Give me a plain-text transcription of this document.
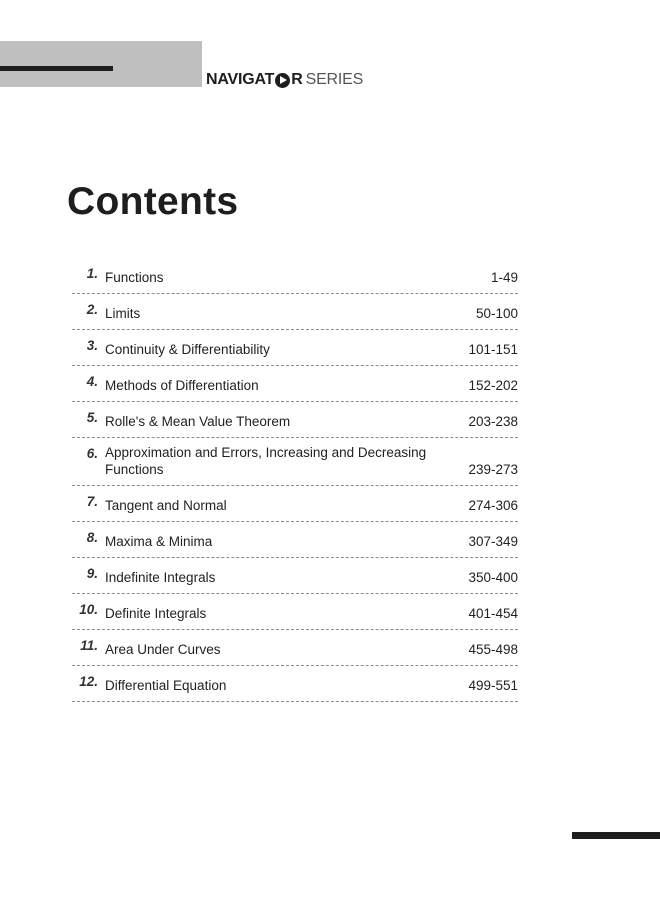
NAVIGAT R SERIES
Contents
1. Functions	1-49
2. Limits	50-100
3. Continuity & Differentiability	101-151
4. Methods of Differentiation	152-202
5. Rolle's & Mean Value Theorem	203-238
6. Approximation and Errors, Increasing and Decreasing
Functions	239-273
7. Tangent and Normal	274-306
8. Maxima & Minima	307-349
9. Indefinite Integrals	350-400
10. Definite Integrals	401-454
11. Area Under Curves	455-498
12. Differential Equation	499-551
